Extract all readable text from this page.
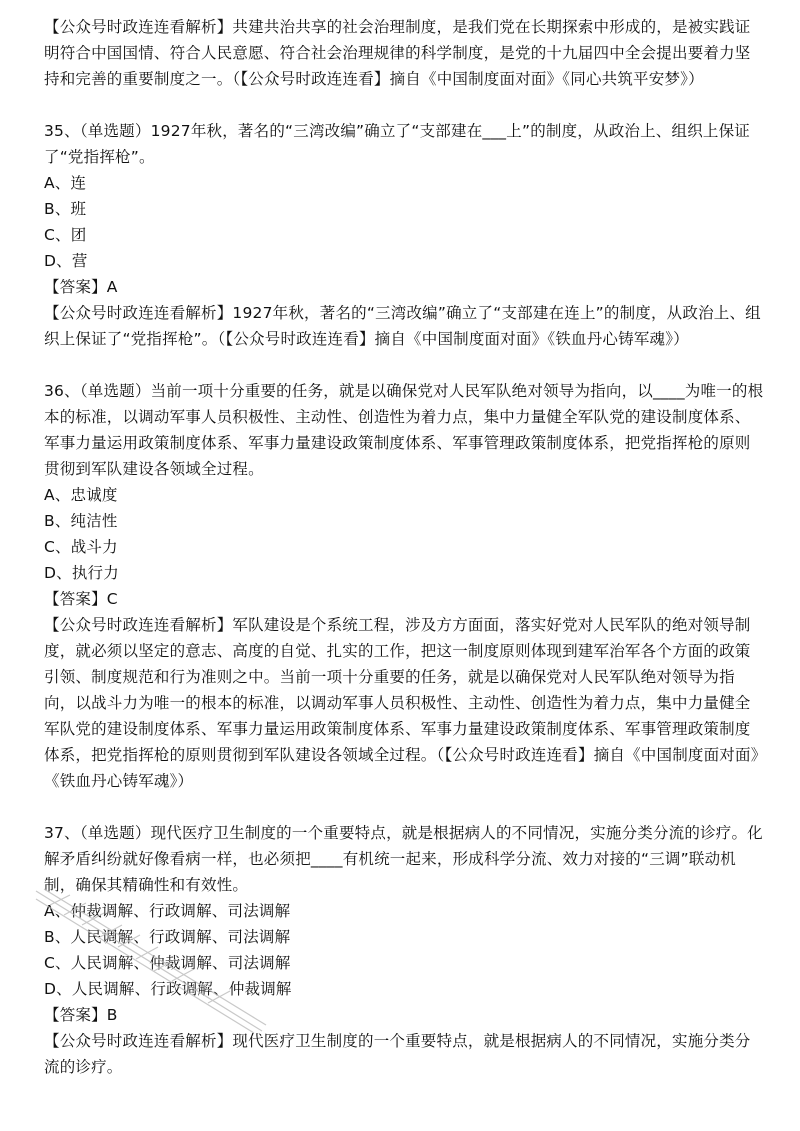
【公众号时政连连看解析】共建共治共享的社会治理制度，是我们党在长期探索中形成的，是被实践证明符合中国国情、符合人民意愿、符合社会治理规律的科学制度，是党的十九届四中全会提出要着力坚持和完善的重要制度之一。（【公众号时政连连看】摘自《中国制度面对面》《同心共筑平安梦》）

35、（单选题）1927年秋，著名的“三湾改编”确立了“支部建在___上”的制度，从政治上、组织上保证了“党指挥枪”。

A、连

B、班

C、团

D、营

【答案】A

【公众号时政连连看解析】1927年秋，著名的“三湾改编”确立了“支部建在连上”的制度，从政治上、组织上保证了“党指挥枪”。（【公众号时政连连看】摘自《中国制度面对面》《铁血丹心铸军魂》）

36、（单选题）当前一项十分重要的任务，就是以确保党对人民军队绝对领导为指向，以____为唯一的根本的标准，以调动军事人员积极性、主动性、创造性为着力点，集中力量健全军队党的建设制度体系、军事力量运用政策制度体系、军事力量建设政策制度体系、军事管理政策制度体系，把党指挥枪的原则贯彻到军队建设各领域全过程。

A、忠诚度

B、纯洁性

C、战斗力

D、执行力

【答案】C

【公众号时政连连看解析】军队建设是个系统工程，涉及方方面面，落实好党对人民军队的绝对领导制度，就必须以坚定的意志、高度的自觉、扎实的工作，把这一制度原则体现到建军治军各个方面的政策引领、制度规范和行为准则之中。当前一项十分重要的任务，就是以确保党对人民军队绝对领导为指向，以战斗力为唯一的根本的标准，以调动军事人员积极性、主动性、创造性为着力点，集中力量健全军队党的建设制度体系、军事力量运用政策制度体系、军事力量建设政策制度体系、军事管理政策制度体系，把党指挥枪的原则贯彻到军队建设各领域全过程。（【公众号时政连连看】摘自《中国制度面对面》《铁血丹心铸军魂》）

37、（单选题）现代医疗卫生制度的一个重要特点，就是根据病人的不同情况，实施分类分流的诊疗。化解矛盾纠纷就好像看病一样，也必须把____有机统一起来，形成科学分流、效力对接的“三调”联动机制，确保其精确性和有效性。

A、仲裁调解、行政调解、司法调解

B、人民调解、行政调解、司法调解

C、人民调解、仲裁调解、司法调解

D、人民调解、行政调解、仲裁调解

【答案】B

【公众号时政连连看解析】现代医疗卫生制度的一个重要特点，就是根据病人的不同情况，实施分类分流的诊疗。
